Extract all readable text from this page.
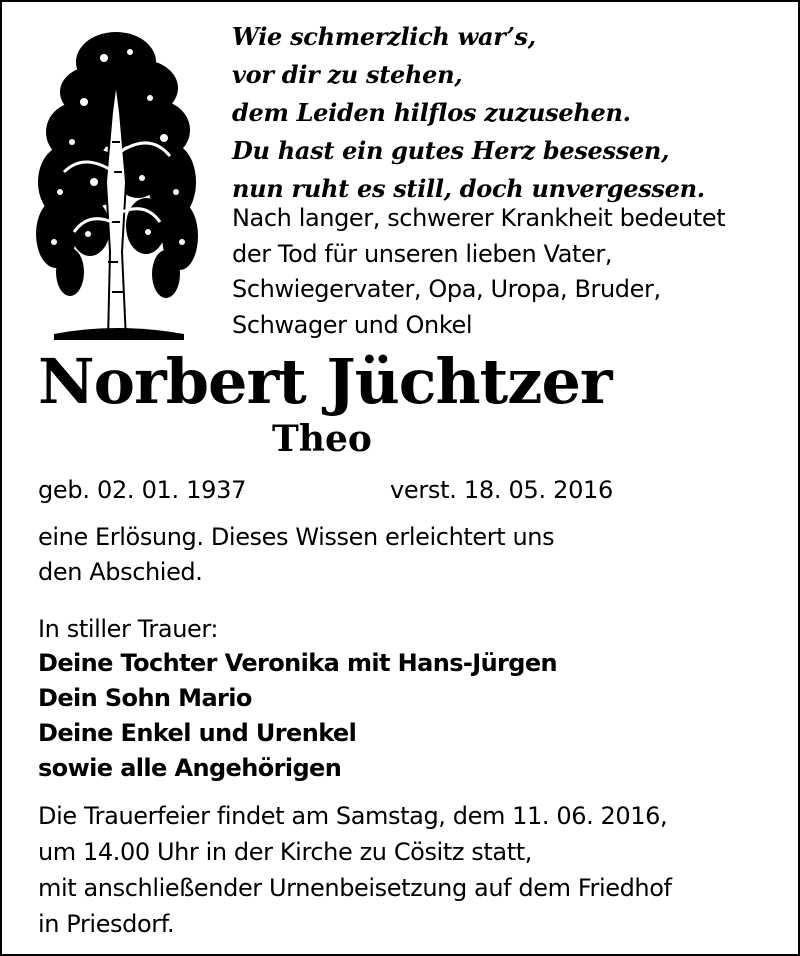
Wie schmerzlich war’s,
vor dir zu stehen,
dem Leiden hilflos zuzusehen.
Du hast ein gutes Herz besessen,
nun ruht es still, doch unvergessen.
Nach langer, schwerer Krankheit bedeutet
der Tod für unseren lieben Vater,
Schwiegervater, Opa, Uropa, Bruder,
Schwager und Onkel
Norbert Jüchtzer
Theo
geb. 02. 01. 1937	verst. 18. 05. 2016
eine Erlösung. Dieses Wissen erleichtert uns
den Abschied.
In stiller Trauer:
Deine Tochter Veronika mit Hans-Jürgen
Dein Sohn Mario
Deine Enkel und Urenkel
sowie alle Angehörigen
Die Trauerfeier findet am Samstag, dem 11. 06. 2016,
um 14.00 Uhr in der Kirche zu Cösitz statt,
mit anschließender Urnenbeisetzung auf dem Friedhof
in Priesdorf.
